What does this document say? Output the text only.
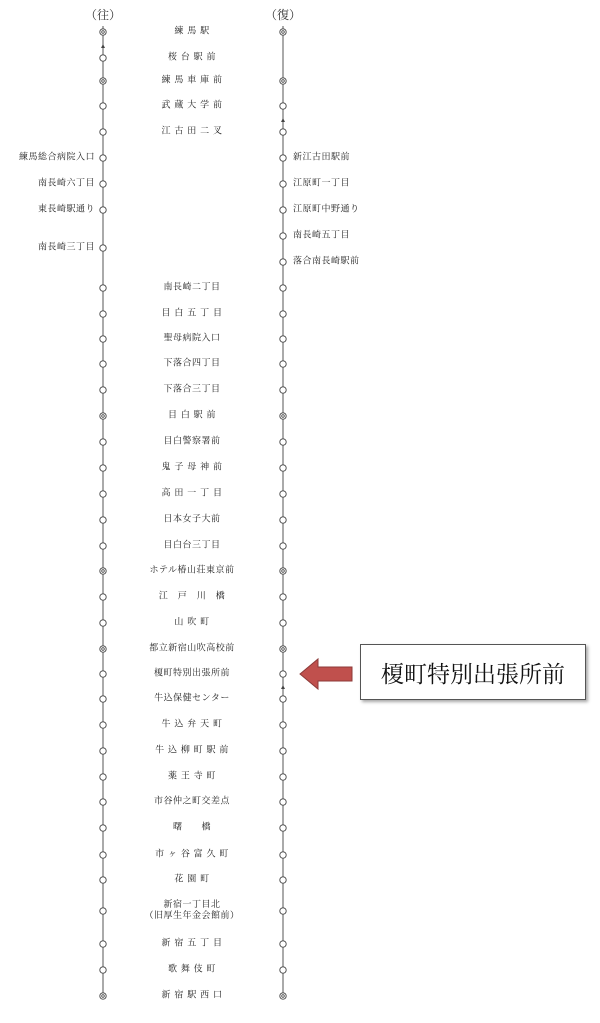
（往）	（復）
練 馬 駅
桜 台 駅 前
練 馬 車 庫 前
武 蔵 大 学 前
江 古 田 二 叉
南長崎二丁目
目 白 五 丁 目
聖母病院入口
下落合四丁目
下落合三丁目
目 白 駅 前
目白警察署前
鬼 子 母 神 前
高 田 一 丁 目
日本女子大前
目白台三丁目
ホテル椿山荘東京前
江　戸　川　橋
山 吹 町
都立新宿山吹高校前
榎町特別出張所前
牛込保健センター
牛 込 弁 天 町
牛 込 柳 町 駅 前
薬 王 寺 町
市谷仲之町交差点
曙　　橋
市 ヶ 谷 富 久 町
花 園 町
新宿一丁目北
（旧厚生年金会館前）
新 宿 五 丁 目
歌 舞 伎 町
新 宿 駅 西 口
練馬総合病院入口
南長崎六丁目
東長崎駅通り
南長崎三丁目
新江古田駅前
江原町一丁目
江原町中野通り
南長崎五丁目
落合南長崎駅前
榎町特別出張所前
